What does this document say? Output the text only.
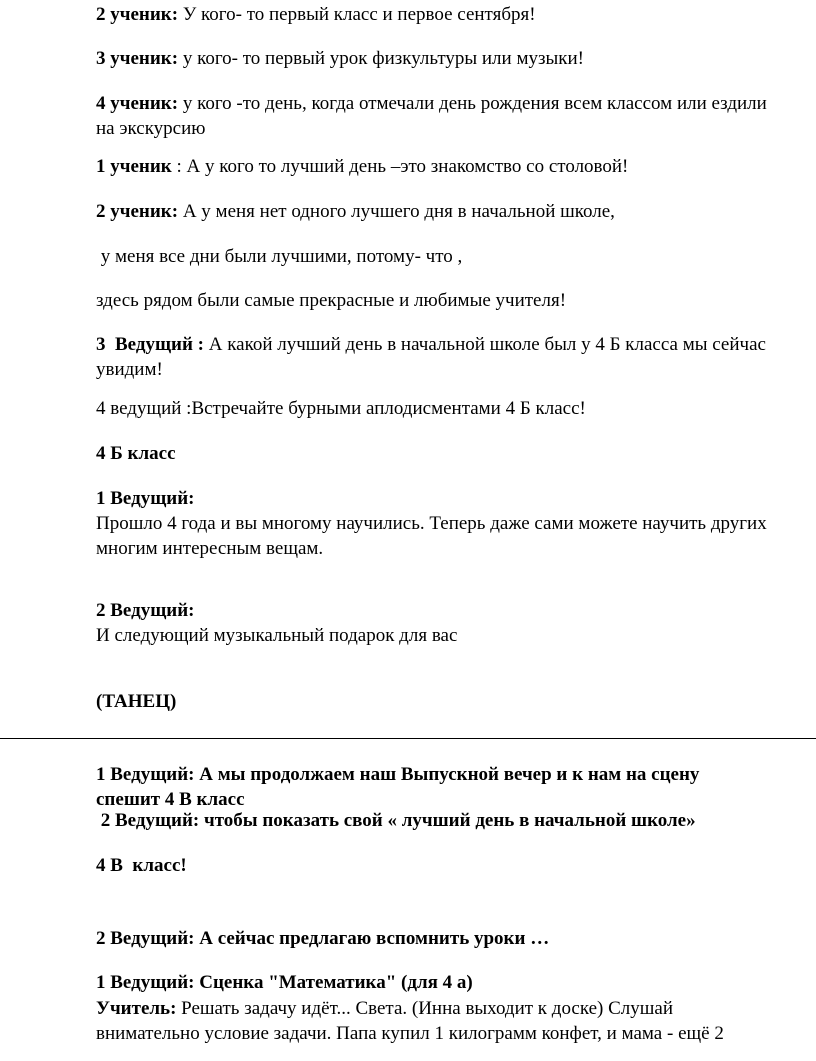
2 ученик: У кого- то первый класс и первое сентября!

3 ученик: у кого- то первый урок физкультуры или музыки!

4 ученик: у кого -то день, когда отмечали день рождения всем классом или ездили на экскурсию

1 ученик : А у кого то лучший день –это знакомство со столовой!

2 ученик: А у меня нет одного лучшего дня в начальной школе,

у меня все дни были лучшими, потому- что ,

здесь рядом были самые прекрасные и любимые учителя!

3  Ведущий : А какой лучший день в начальной школе был у 4 Б класса мы сейчас увидим!

4 ведущий :Встречайте бурными аплодисментами 4 Б класс!

4 Б класс

1 Ведущий:
Прошло 4 года и вы многому научились. Теперь даже сами можете научить других многим интересным вещам.

2 Ведущий:
И следующий музыкальный подарок для вас

(ТАНЕЦ)

1 Ведущий: А мы продолжаем наш Выпускной вечер и к нам на сцену спешит 4 В класс

2 Ведущий: чтобы показать свой « лучший день в начальной школе»

4 В  класс!

2 Ведущий: А сейчас предлагаю вспомнить уроки …

1 Ведущий: Сценка "Математика" (для 4 а)

Учитель: Решать задачу идёт... Света. (Инна выходит к доске) Слушай внимательно условие задачи. Папа купил 1 килограмм конфет, и мама - ещё 2
